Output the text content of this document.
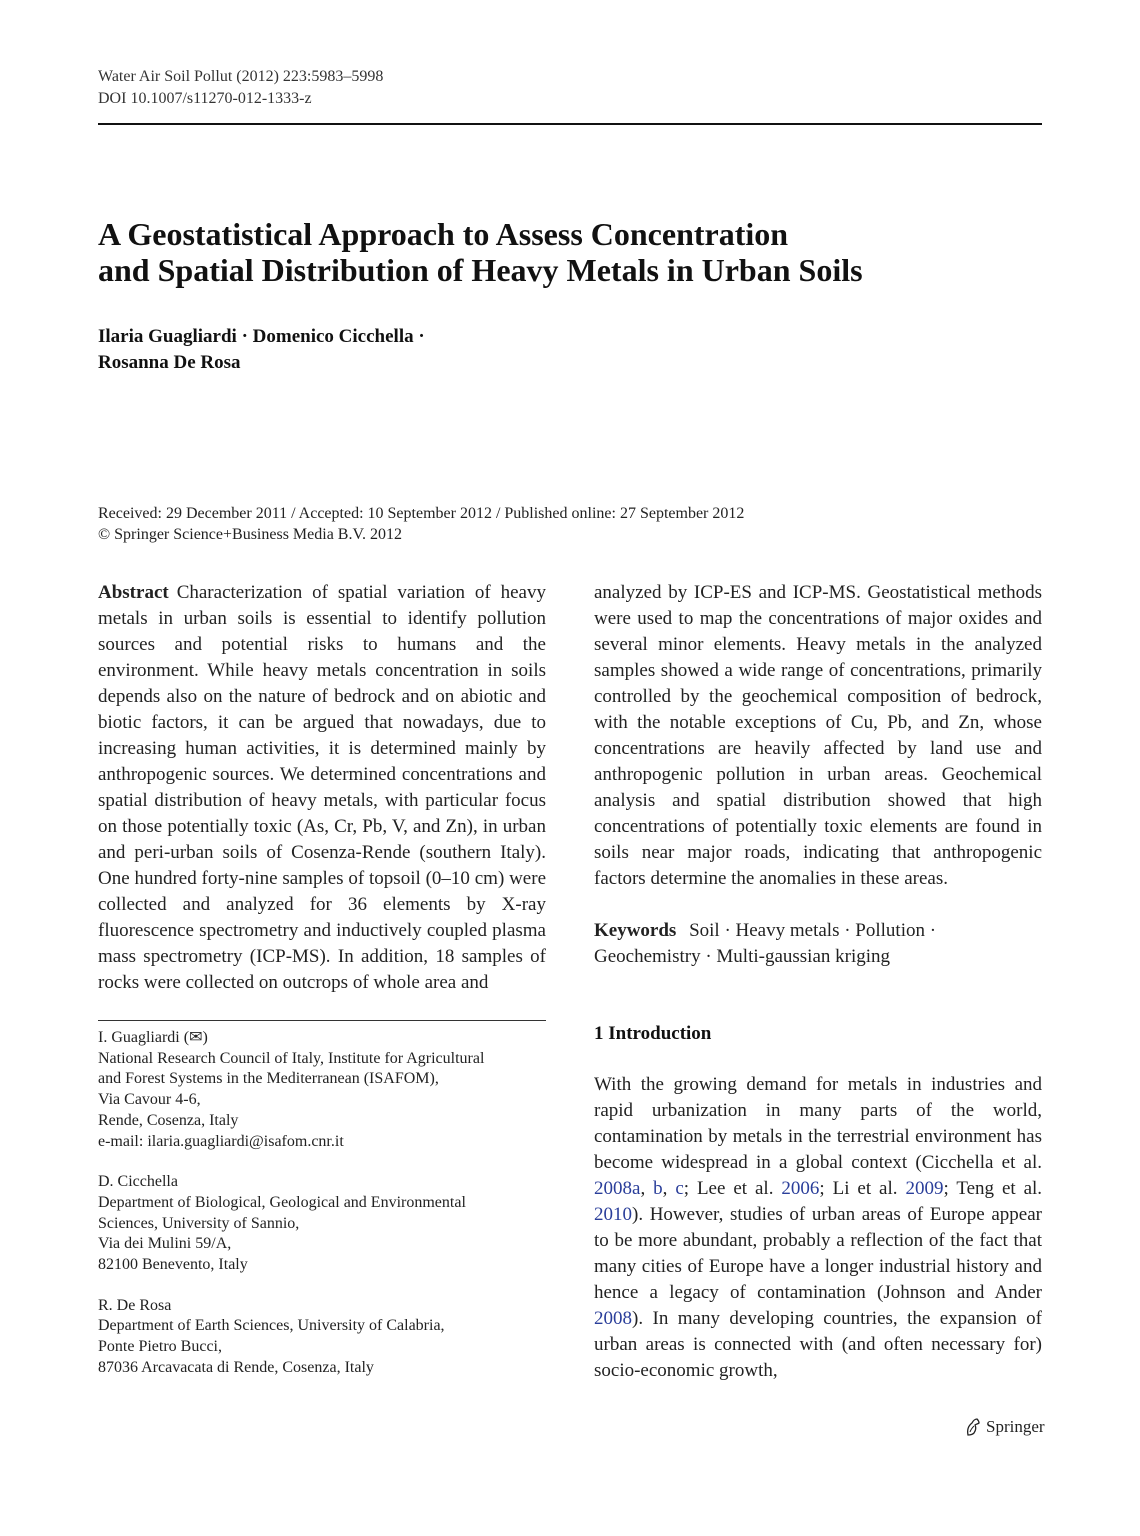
Water Air Soil Pollut (2012) 223:5983–5998
DOI 10.1007/s11270-012-1333-z
A Geostatistical Approach to Assess Concentration
and Spatial Distribution of Heavy Metals in Urban Soils
Ilaria Guagliardi · Domenico Cicchella ·
Rosanna De Rosa
Received: 29 December 2011 / Accepted: 10 September 2012 / Published online: 27 September 2012
© Springer Science+Business Media B.V. 2012
Abstract Characterization of spatial variation of heavy metals in urban soils is essential to identify pollution sources and potential risks to humans and the environment. While heavy metals concentration in soils depends also on the nature of bedrock and on abiotic and biotic factors, it can be argued that nowadays, due to increasing human activities, it is determined mainly by anthropogenic sources. We determined concentrations and spatial distribution of heavy metals, with particular focus on those potentially toxic (As, Cr, Pb, V, and Zn), in urban and peri-urban soils of Cosenza-Rende (southern Italy). One hundred forty-nine samples of topsoil (0–10 cm) were collected and analyzed for 36 elements by X-ray fluorescence spectrometry and inductively coupled plasma mass spectrometry (ICP-MS). In addition, 18 samples of rocks were collected on outcrops of whole area and
analyzed by ICP-ES and ICP-MS. Geostatistical methods were used to map the concentrations of major oxides and several minor elements. Heavy metals in the analyzed samples showed a wide range of concentrations, primarily controlled by the geochemical composition of bedrock, with the notable exceptions of Cu, Pb, and Zn, whose concentrations are heavily affected by land use and anthropogenic pollution in urban areas. Geochemical analysis and spatial distribution showed that high concentrations of potentially toxic elements are found in soils near major roads, indicating that anthropogenic factors determine the anomalies in these areas.
Keywords Soil · Heavy metals · Pollution ·
Geochemistry · Multi-gaussian kriging
I. Guagliardi (✉)
National Research Council of Italy, Institute for Agricultural
and Forest Systems in the Mediterranean (ISAFOM),
Via Cavour 4-6,
Rende, Cosenza, Italy
e-mail: ilaria.guagliardi@isafom.cnr.it
D. Cicchella
Department of Biological, Geological and Environmental
Sciences, University of Sannio,
Via dei Mulini 59/A,
82100 Benevento, Italy
R. De Rosa
Department of Earth Sciences, University of Calabria,
Ponte Pietro Bucci,
87036 Arcavacata di Rende, Cosenza, Italy
1 Introduction
With the growing demand for metals in industries and rapid urbanization in many parts of the world, contamination by metals in the terrestrial environment has become widespread in a global context (Cicchella et al. 2008a, b, c; Lee et al. 2006; Li et al. 2009; Teng et al. 2010). However, studies of urban areas of Europe appear to be more abundant, probably a reflection of the fact that many cities of Europe have a longer industrial history and hence a legacy of contamination (Johnson and Ander 2008). In many developing countries, the expansion of urban areas is connected with (and often necessary for) socio-economic growth,
Springer
